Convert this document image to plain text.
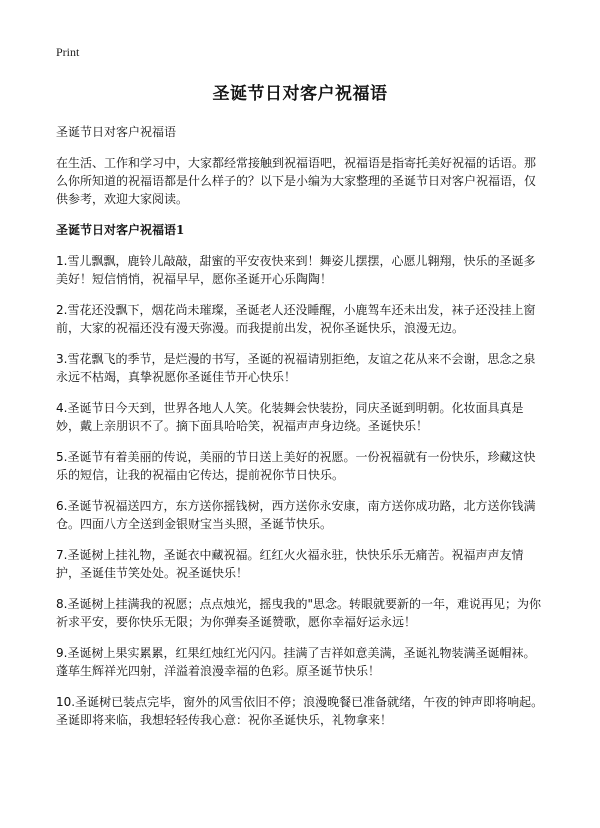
Print
圣诞节日对客户祝福语

圣诞节日对客户祝福语

在生活、工作和学习中，大家都经常接触到祝福语吧，祝福语是指寄托美好祝福的话语。那么你所知道的祝福语都是什么样子的？以下是小编为大家整理的圣诞节日对客户祝福语，仅供参考，欢迎大家阅读。

圣诞节日对客户祝福语1

1.雪儿飘飘，鹿铃儿敲敲，甜蜜的平安夜快来到！舞姿儿摆摆，心愿儿翱翔，快乐的圣诞多美好！短信悄悄，祝福早早，愿你圣诞开心乐陶陶！

2.雪花还没飘下，烟花尚未璀璨，圣诞老人还没睡醒，小鹿驾车还未出发，袜子还没挂上窗前，大家的祝福还没有漫天弥漫。而我提前出发，祝你圣诞快乐，浪漫无边。

3.雪花飘飞的季节，是烂漫的书写，圣诞的祝福请别拒绝，友谊之花从来不会谢，思念之泉永远不枯竭，真挚祝愿你圣诞佳节开心快乐！

4.圣诞节日今天到，世界各地人人笑。化装舞会快装扮，同庆圣诞到明朝。化妆面具真是妙，戴上亲朋识不了。摘下面具哈哈笑，祝福声声身边绕。圣诞快乐！

5.圣诞节有着美丽的传说，美丽的节日送上美好的祝愿。一份祝福就有一份快乐，珍藏这快乐的短信，让我的祝福由它传达，提前祝你节日快乐。

6.圣诞节祝福送四方，东方送你摇钱树，西方送你永安康，南方送你成功路，北方送你钱满仓。四面八方全送到金银财宝当头照，圣诞节快乐。

7.圣诞树上挂礼物，圣诞衣中藏祝福。红红火火福永驻，快快乐乐无痛苦。祝福声声友情护，圣诞佳节笑处处。祝圣诞快乐！

8.圣诞树上挂满我的祝愿；点点烛光，摇曳我的"思念。转眼就要新的一年，难说再见；为你祈求平安，要你快乐无限；为你弹奏圣诞赞歌，愿你幸福好运永远！

9.圣诞树上果实累累，红果红烛红光闪闪。挂满了吉祥如意美满，圣诞礼物装满圣诞帽袜。蓬荜生辉祥光四射，洋溢着浪漫幸福的色彩。原圣诞节快乐！

10.圣诞树已装点完毕，窗外的风雪依旧不停；浪漫晚餐已准备就绪，午夜的钟声即将响起。圣诞即将来临，我想轻轻传我心意：祝你圣诞快乐，礼物拿来！
